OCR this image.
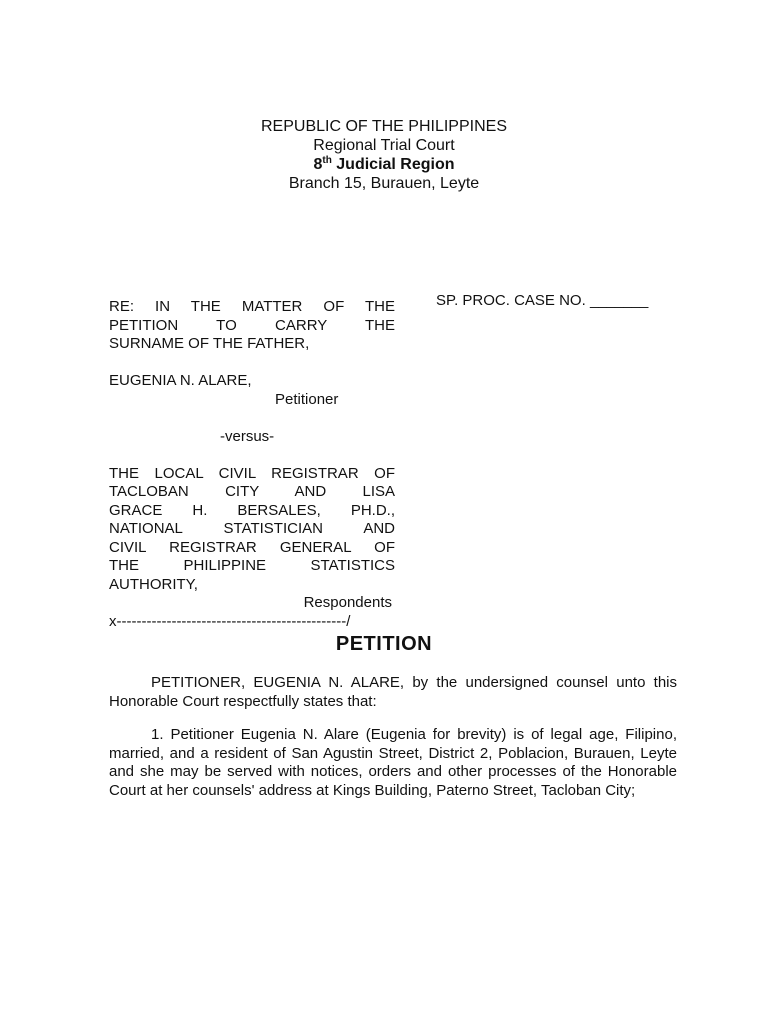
REPUBLIC OF THE PHILIPPINES
Regional Trial Court
8th Judicial Region
Branch 15, Burauen, Leyte
RE: IN THE MATTER OF THE
PETITION TO CARRY THE
SURNAME OF THE FATHER,
EUGENIA N. ALARE,
Petitioner
-versus-
THE LOCAL CIVIL REGISTRAR OF
TACLOBAN CITY AND LISA
GRACE H. BERSALES, PH.D.,
NATIONAL STATISTICIAN AND
CIVIL REGISTRAR GENERAL OF
THE PHILIPPINE STATISTICS
AUTHORITY,
Respondents
x----------------------------------------------/
SP. PROC. CASE NO. _______
PETITION
PETITIONER, EUGENIA N. ALARE, by the undersigned counsel unto this Honorable Court respectfully states that:
1. Petitioner Eugenia N. Alare (Eugenia for brevity) is of legal age, Filipino, married, and a resident of San Agustin Street, District 2, Poblacion, Burauen, Leyte and she may be served with notices, orders and other processes of the Honorable Court at her counsels' address at Kings Building, Paterno Street, Tacloban City;
